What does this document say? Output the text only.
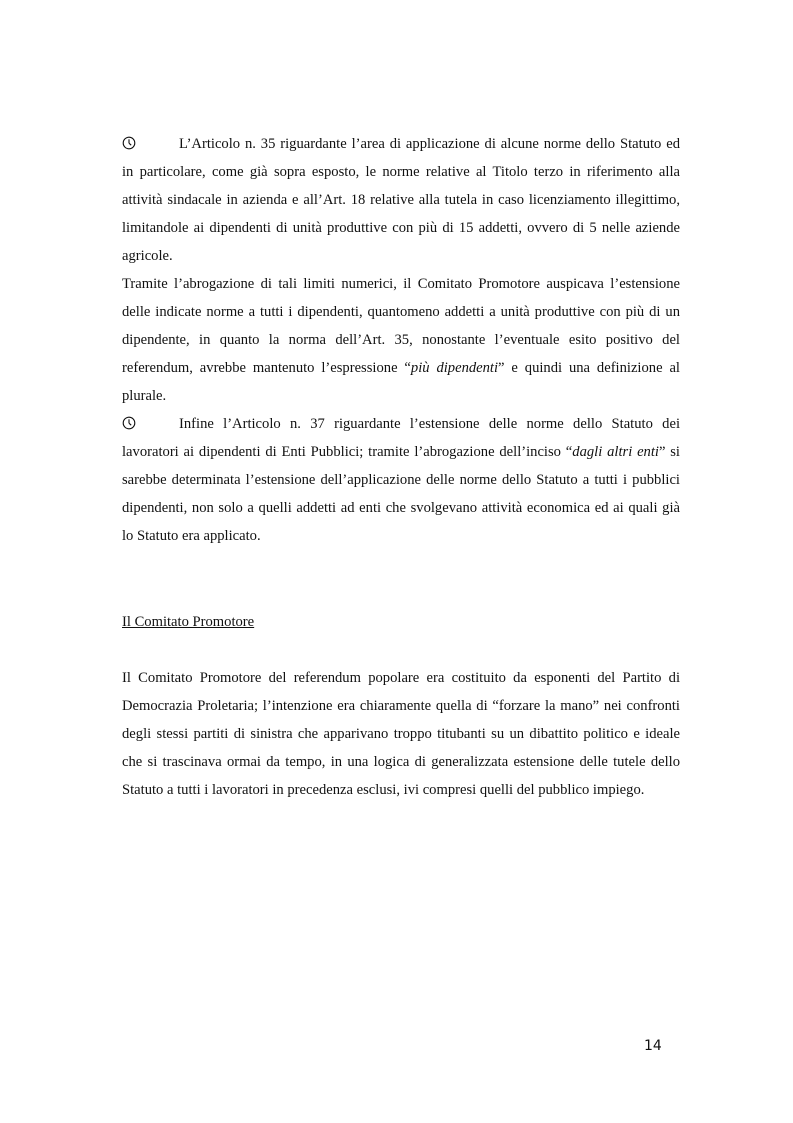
L’Articolo n. 35 riguardante l’area di applicazione di alcune norme dello Statuto ed in particolare, come già sopra esposto, le norme relative al Titolo terzo in riferimento alla attività sindacale in azienda e all’Art. 18 relative alla tutela in caso licenziamento illegittimo, limitandole ai dipendenti di unità produttive con più di 15 addetti, ovvero di 5 nelle aziende agricole.

Tramite l’abrogazione di tali limiti numerici, il Comitato Promotore auspicava l’estensione delle indicate norme a tutti i dipendenti, quantomeno addetti a unità produttive con più di un dipendente, in quanto la norma dell’Art. 35, nonostante l’eventuale esito positivo del referendum, avrebbe mantenuto l’espressione “più dipendenti” e quindi una definizione al plurale.

Infine l’Articolo n. 37 riguardante l’estensione delle norme dello Statuto dei lavoratori ai dipendenti di Enti Pubblici; tramite l’abrogazione dell’inciso “dagli altri enti” si sarebbe determinata l’estensione dell’applicazione delle norme dello Statuto a tutti i pubblici dipendenti, non solo a quelli addetti ad enti che svolgevano attività economica ed ai quali già lo Statuto era applicato.

Il Comitato Promotore

Il Comitato Promotore del referendum popolare era costituito da esponenti del Partito di Democrazia Proletaria; l’intenzione era chiaramente quella di “forzare la mano” nei confronti degli stessi partiti di sinistra che apparivano troppo titubanti su un dibattito politico e ideale che si trascinava ormai da tempo, in una logica di generalizzata estensione delle tutele dello Statuto a tutti i lavoratori in precedenza esclusi, ivi compresi quelli del pubblico impiego.

14
